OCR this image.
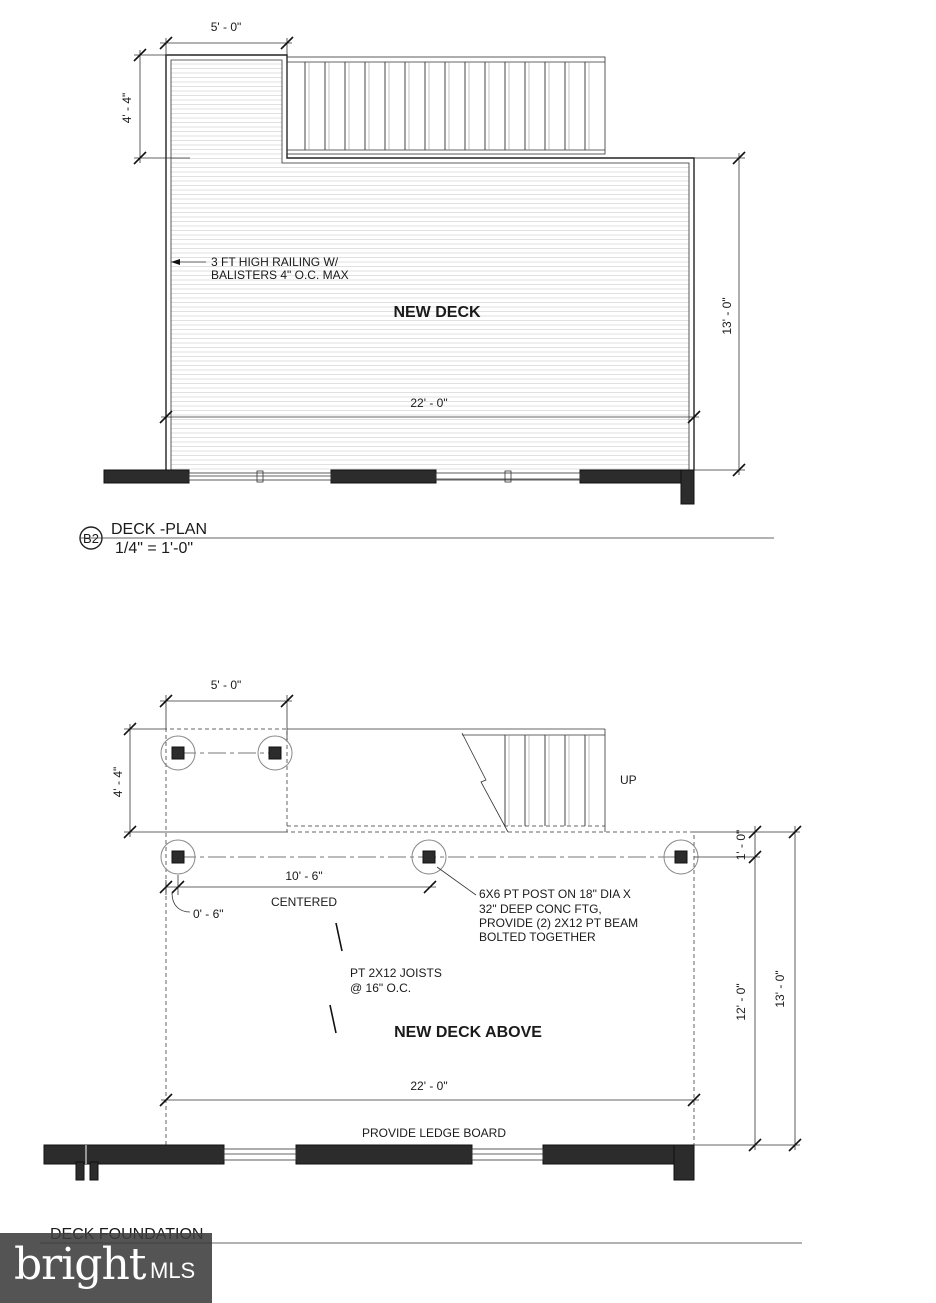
5' - 0"
4' - 4"
13' - 0"
22' - 0"
3 FT HIGH RAILING W/
BALISTERS 4" O.C. MAX
NEW DECK
B2
DECK -PLAN
1/4" = 1'-0"
UP
5' - 0"
4' - 4"
1' - 0"
12' - 0" 13' - 0"
10' - 6"
CENTERED
0' - 6"
6X6 PT POST ON 18" DIA X
32" DEEP CONC FTG,
PROVIDE (2) 2X12 PT BEAM
BOLTED TOGETHER
PT 2X12 JOISTS
@ 16" O.C.
NEW DECK ABOVE
22' - 0"
PROVIDE LEDGE BOARD
bright MLS
